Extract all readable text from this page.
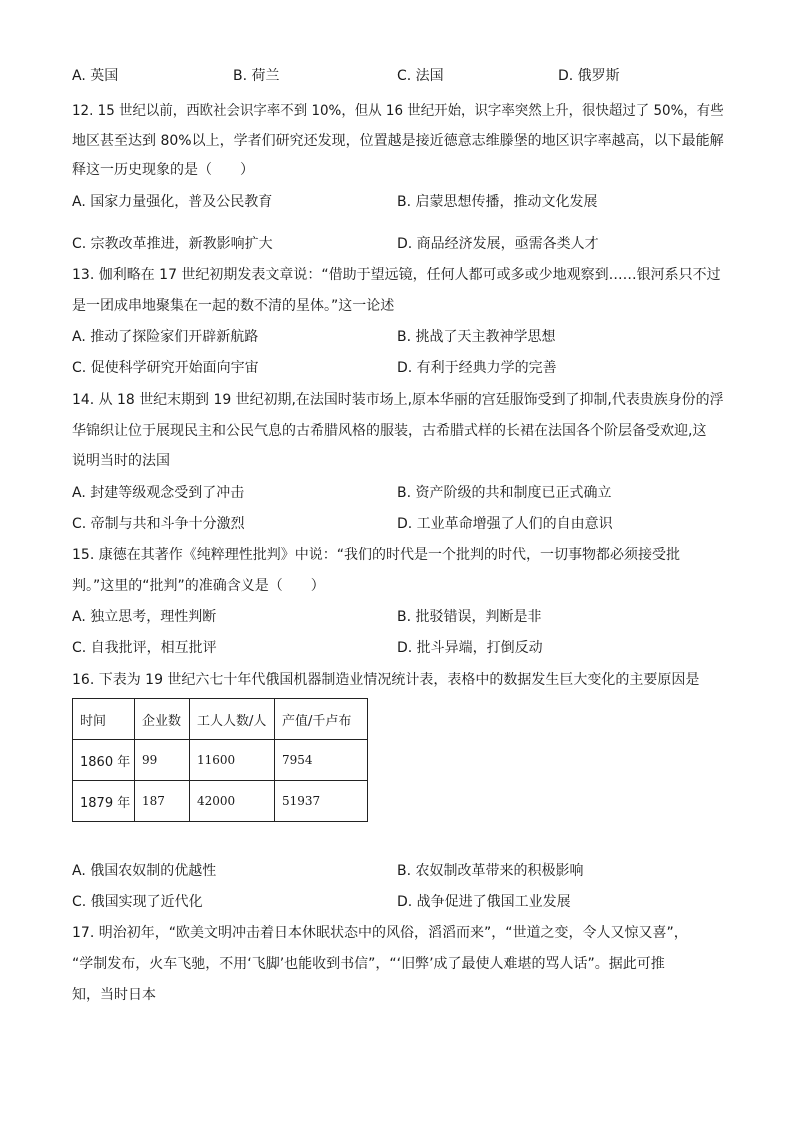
A. 英国	B. 荷兰	C. 法国	D. 俄罗斯
12. 15 世纪以前，西欧社会识字率不到 10%，但从 16 世纪开始，识字率突然上升，很快超过了 50%，有些
地区甚至达到 80%以上，学者们研究还发现，位置越是接近德意志维滕堡的地区识字率越高，以下最能解
释这一历史现象的是（　　）
A. 国家力量强化，普及公民教育	B. 启蒙思想传播，推动文化发展
C. 宗教改革推进，新教影响扩大	D. 商品经济发展，亟需各类人才
13. 伽利略在 17 世纪初期发表文章说：“借助于望远镜，任何人都可或多或少地观察到……银河系只不过
是一团成串地聚集在一起的数不清的星体。”这一论述
A. 推动了探险家们开辟新航路	B. 挑战了天主教神学思想
C. 促使科学研究开始面向宇宙	D. 有利于经典力学的完善
14. 从 18 世纪末期到 19 世纪初期,在法国时装市场上,原本华丽的宫廷服饰受到了抑制,代表贵族身份的浮
华锦织让位于展现民主和公民气息的古希腊风格的服装，古希腊式样的长裙在法国各个阶层备受欢迎,这
说明当时的法国
A. 封建等级观念受到了冲击	B. 资产阶级的共和制度已正式确立
C. 帝制与共和斗争十分激烈	D. 工业革命增强了人们的自由意识
15. 康德在其著作《纯粹理性批判》中说：“我们的时代是一个批判的时代，一切事物都必须接受批
判。”这里的“批判”的准确含义是（　　）
A. 独立思考，理性判断	B. 批驳错误，判断是非
C. 自我批评，相互批评	D. 批斗异端，打倒反动
16. 下表为 19 世纪六七十年代俄国机器制造业情况统计表，表格中的数据发生巨大变化的主要原因是
时间	企业数	工人人数/人	产值/千卢布
1860 年	99	11600	7954
1879 年	187	42000	51937
A. 俄国农奴制的优越性	B. 农奴制改革带来的积极影响
C. 俄国实现了近代化	D. 战争促进了俄国工业发展
17. 明治初年，“欧美文明冲击着日本休眠状态中的风俗，滔滔而来”，“世道之变，令人又惊又喜”，
“学制发布，火车飞驰，不用‘飞脚’也能收到书信”，“‘旧弊’成了最使人难堪的骂人话”。据此可推
知，当时日本
